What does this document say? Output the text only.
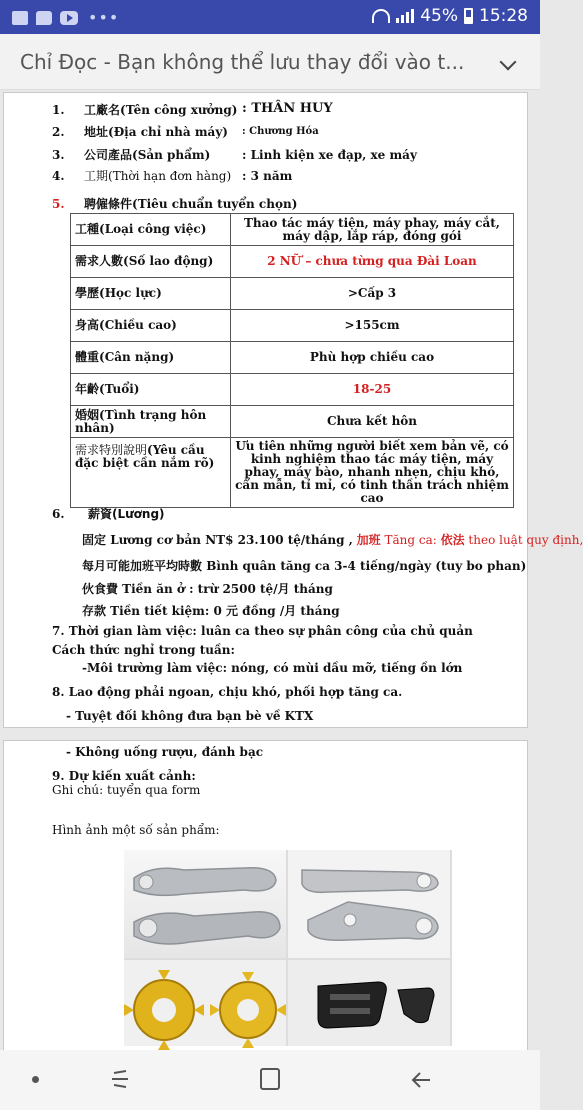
•••	45% 15:28
Chỉ Đọc - Bạn không thể lưu thay đổi vào t...
1. 工廠名(Tên công xưởng) : THÂN HUY
2. 地址(Địa chỉ nhà máy) : Chương Hóa
3. 公司產品(Sản phẩm)	: Linh kiện xe đạp, xe máy
4. 工期(Thời hạn đơn hàng) : 3 năm
5. 聘僱條件(Tiêu chuẩn tuyển chọn)
工種(Loại công việc)	Thao tác máy tiện, máy phay, máy cắt, máy dập, lắp ráp, đóng gói
需求人數(Số lao động)	2 NỮ – chưa từng qua Đài Loan
學歷(Học lực)	>Cấp 3
身高(Chiều cao)	>155cm
體重(Cân nặng)	Phù hợp chiều cao
年齡(Tuổi)	18-25
婚姻(Tình trạng hôn nhân)	Chưa kết hôn
需求特別說明(Yêu cầu đặc biệt cần nắm rõ)	Ưu tiên những người biết xem bản vẽ, có kinh nghiệm thao tác máy tiện, máy phay, máy bào, nhanh nhẹn, chịu khó, cẩn mẫn, tỉ mỉ, có tinh thần trách nhiệm cao
6. 薪資(Lương)
固定 Lương cơ bản NT$ 23.100 tệ/tháng , 加班 Tăng ca: 依法 theo luật quy định,
每月可能加班平均時數 Bình quân tăng ca 3-4 tiếng/ngày (tuy bo phan)
伙食費 Tiền ăn ở : trừ 2500 tệ/月 tháng
存款 Tiền tiết kiệm: 0 元 đồng /月 tháng
7. Thời gian làm việc: luân ca theo sự phân công của chủ quản
Cách thức nghỉ trong tuần:
-Môi trường làm việc: nóng, có mùi dầu mỡ, tiếng ồn lớn
8. Lao động phải ngoan, chịu khó, phối hợp tăng ca.
- Tuyệt đối không đưa bạn bè về KTX
- Không uống rượu, đánh bạc
9. Dự kiến xuất cảnh:
Ghi chú: tuyển qua form
Hình ảnh một số sản phẩm:
